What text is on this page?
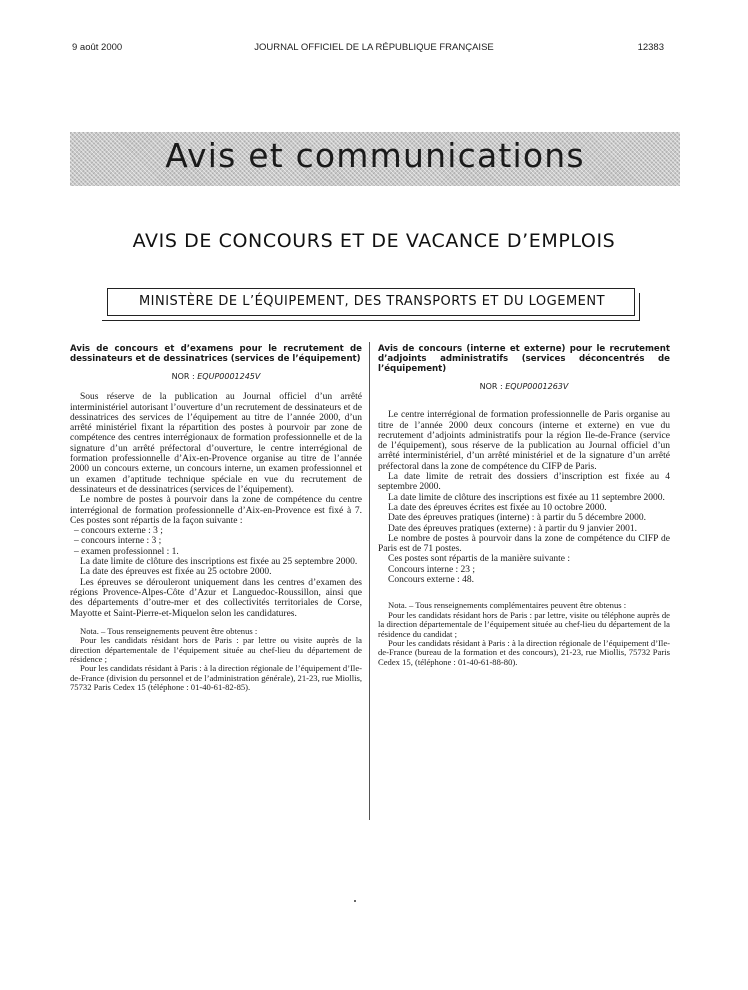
9 août 2000	JOURNAL OFFICIEL DE LA RÉPUBLIQUE FRANÇAISE	12383
Avis et communications
AVIS DE CONCOURS ET DE VACANCE D’EMPLOIS
MINISTÈRE DE L’ÉQUIPEMENT, DES TRANSPORTS ET DU LOGEMENT
Avis de concours et d’examens pour le recrutement de dessinateurs et de dessinatrices (services de l’équipement)
NOR : EQUP0001245V

Sous réserve de la publication au Journal officiel d’un arrêté interministériel autorisant l’ouverture d’un recrutement de dessinateurs et de dessinatrices des services de l’équipement au titre de l’année 2000, d’un arrêté ministériel fixant la répartition des postes à pourvoir par zone de compétence des centres interrégionaux de formation professionnelle et de la signature d’un arrêté préfectoral d’ouverture, le centre interrégional de formation professionnelle d’Aix-en-Provence organise au titre de l’année 2000 un concours externe, un concours interne, un examen professionnel et un examen d’aptitude technique spéciale en vue du recrutement de dessinateurs et de dessinatrices (services de l’équipement).

Le nombre de postes à pourvoir dans la zone de compétence du centre interrégional de formation professionnelle d’Aix-en-Provence est fixé à 7. Ces postes sont répartis de la façon suivante :

– concours externe : 3 ;
– concours interne : 3 ;
– examen professionnel : 1.

La date limite de clôture des inscriptions est fixée au 25 septembre 2000.

La date des épreuves est fixée au 25 octobre 2000.

Les épreuves se dérouleront uniquement dans les centres d’examen des régions Provence-Alpes-Côte d’Azur et Languedoc-Roussillon, ainsi que des départements d’outre-mer et des collectivités territoriales de Corse, Mayotte et Saint-Pierre-et-Miquelon selon les candidatures.

Nota. – Tous renseignements peuvent être obtenus :

Pour les candidats résidant hors de Paris : par lettre ou visite auprès de la direction départementale de l’équipement située au chef-lieu du département de résidence ;

Pour les candidats résidant à Paris : à la direction régionale de l’équipement d’Ile-de-France (division du personnel et de l’administration générale), 21-23, rue Miollis, 75732 Paris Cedex 15 (téléphone : 01-40-61-82-85).

Avis de concours (interne et externe) pour le recrutement d’adjoints administratifs (services déconcentrés de l’équipement)
NOR : EQUP0001263V

Le centre interrégional de formation professionnelle de Paris organise au titre de l’année 2000 deux concours (interne et externe) en vue du recrutement d’adjoints administratifs pour la région Ile-de-France (service de l’équipement), sous réserve de la publication au Journal officiel d’un arrêté interministériel, d’un arrêté ministériel et de la signature d’un arrêté préfectoral dans la zone de compétence du CIFP de Paris.

La date limite de retrait des dossiers d’inscription est fixée au 4 septembre 2000.

La date limite de clôture des inscriptions est fixée au 11 septembre 2000.

La date des épreuves écrites est fixée au 10 octobre 2000.

Date des épreuves pratiques (interne) : à partir du 5 décembre 2000.

Date des épreuves pratiques (externe) : à partir du 9 janvier 2001.

Le nombre de postes à pourvoir dans la zone de compétence du CIFP de Paris est de 71 postes.

Ces postes sont répartis de la manière suivante :

Concours interne : 23 ;

Concours externe : 48.

Nota. – Tous renseignements complémentaires peuvent être obtenus :

Pour les candidats résidant hors de Paris : par lettre, visite ou téléphone auprès de la direction départementale de l’équipement située au chef-lieu du département de la résidence du candidat ;

Pour les candidats résidant à Paris : à la direction régionale de l’équipement d’Ile-de-France (bureau de la formation et des concours), 21-23, rue Miollis, 75732 Paris Cedex 15, (téléphone : 01-40-61-88-80).
